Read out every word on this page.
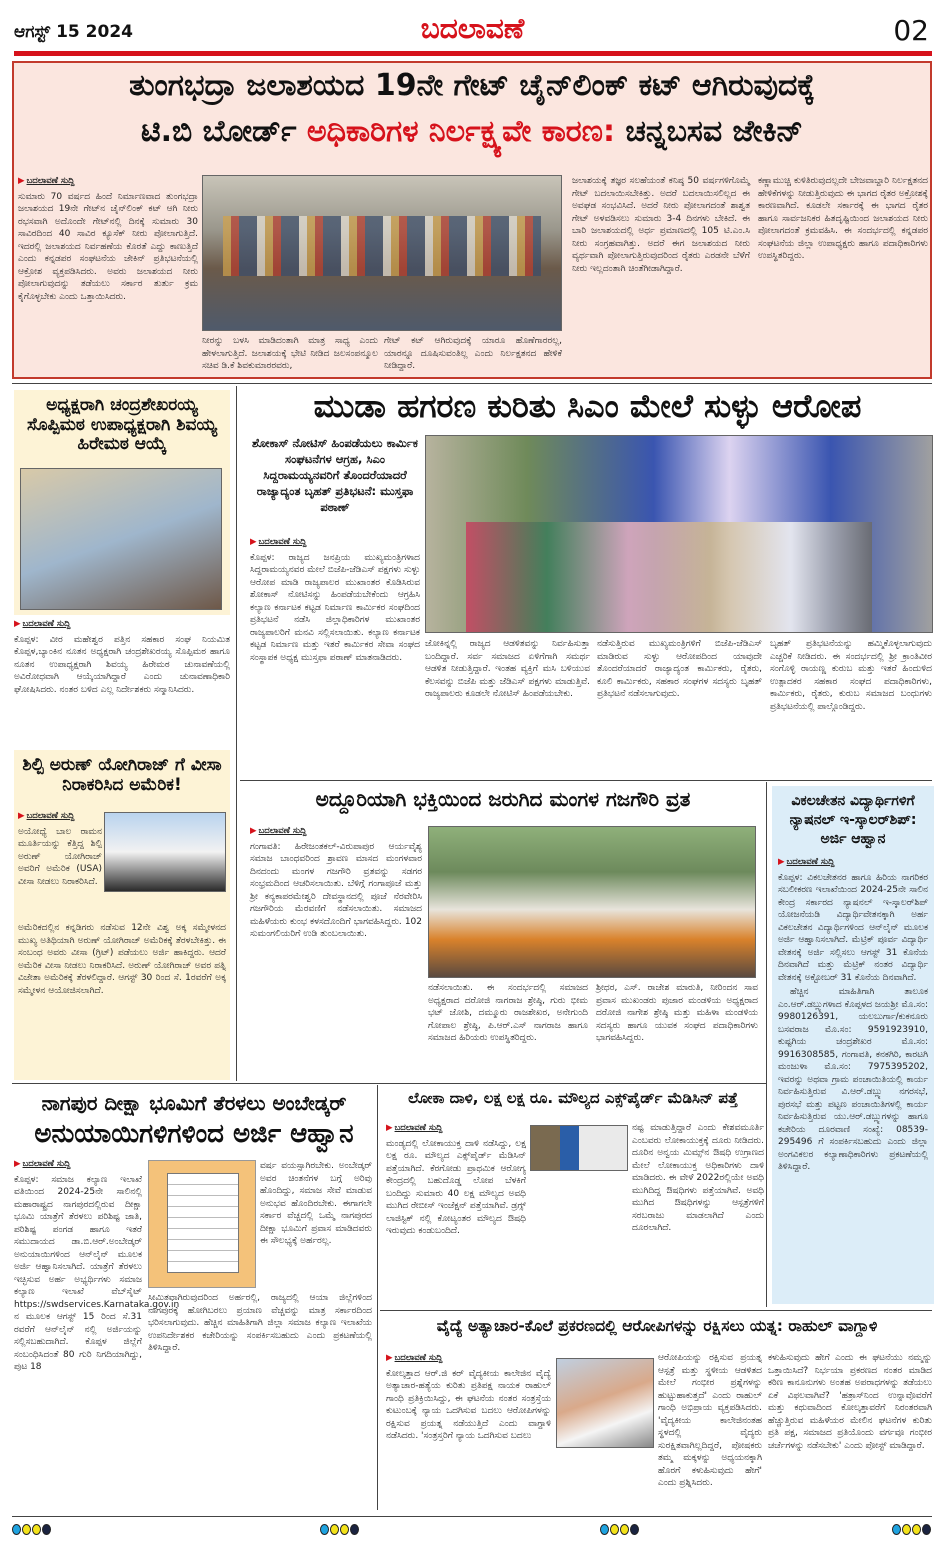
ಆಗಸ್ಟ್ 15 2024	ಬದಲಾವಣೆ	02
ತುಂಗಭದ್ರಾ ಜಲಾಶಯದ 19ನೇ ಗೇಟ್ ಚೈನ್‌ಲಿಂಕ್ ಕಟ್ ಆಗಿರುವುದಕ್ಕೆ
ಟಿ.ಬಿ ಬೋರ್ಡ್ ಅಧಿಕಾರಿಗಳ ನಿರ್ಲಕ್ಷ್ಯವೇ ಕಾರಣ: ಚನ್ನಬಸವ ಜೇಕಿನ್
▶ ಬದಲಾವಣೆ ಸುದ್ದಿ
ಸುಮಾರು 70 ವರ್ಷದ ಹಿಂದೆ ನಿರ್ಮಾಣವಾದ ತುಂಗಭದ್ರಾ ಜಲಾಶಯದ 19ನೇ ಗೇಟ್‌ನ ಚೈನ್‌ಲಿಂಕ್ ಕಟ್ ಆಗಿ ನೀರು ರಭಸವಾಗಿ ಅದೊಂದೇ ಗೇಟ್‌ನಲ್ಲಿ ದಿನಕ್ಕೆ ಸುಮಾರು 30 ಸಾವಿರದಿಂದ 40 ಸಾವಿರ ಕ್ಯೂಸೆಕ್ ನೀರು ಪೋಲಾಗುತ್ತಿದೆ. ಇದರಲ್ಲಿ ಜಲಾಶಯದ ನಿರ್ವಹಣೆಯ ಕೊರತೆ ಎದ್ದು ಕಾಣುತ್ತಿದೆ ಎಂದು ಕನ್ನಡಪರ ಸಂಘಟನೆಯ ಜೇಕಿನ್ ಪ್ರತಿಭಟನೆಯಲ್ಲಿ ಆಕ್ರೋಶ ವ್ಯಕ್ತಪಡಿಸಿದರು. ಅವರು ಜಲಾಶಯದ ನೀರು ಪೋಲಾಗುವುದನ್ನು ತಡೆಯಲು ಸರ್ಕಾರ ತುರ್ತು ಕ್ರಮ ಕೈಗೊಳ್ಳಬೇಕು ಎಂದು ಒತ್ತಾಯಿಸಿದರು.
ನೀರನ್ನು ಬಳಸಿ ಮಾಡಿದಂತಾಗಿ ಮಾತ್ರ ಸಾಧ್ಯ ಎಂದು ಹೇಳಲಾಗುತ್ತಿದೆ. ಜಲಾಶಯಕ್ಕೆ ಭೇಟಿ ನೀಡಿದ ಜಲಸಂಪನ್ಮೂಲ ಸಚಿವ ಡಿ.ಕೆ ಶಿವಕುಮಾರರವರು,
ಗೇಟ್ ಕಟ್ ಆಗಿರುವುದಕ್ಕೆ ಯಾರೂ ಹೊಣೆಗಾರರಲ್ಲ, ಯಾರನ್ನೂ ದೂಷಿಸುವಂತಿಲ್ಲ ಎಂದು ನಿರ್ಲಕ್ಷತನದ ಹೇಳಿಕೆ ನೀಡಿದ್ದಾರೆ.
ಜಲಾಶಯಕ್ಕೆ ತಜ್ಞರ ಸಲಹೆಯಂತೆ ಕನಿಷ್ಠ 50 ವರ್ಷಗಳಿಗೊಮ್ಮೆ ಗೇಟ್ ಬದಲಾಯಿಸಬೇಕಿತ್ತು. ಅದರೆ ಬದಲಾಯಿಸಲಿಲ್ಲದ ಈ ಅವಘಡ ಸಂಭವಿಸಿದೆ. ಅದರೆ ನೀರು ಪೋಲಾಗದಂತೆ ಶಾಶ್ವತ ಗೇಟ್ ಅಳವಡಿಸಲು ಸುಮಾರು 3-4 ದಿನಗಳು ಬೇಕಿದೆ. ಈ ಬಾರಿ ಜಲಾಶಯದಲ್ಲಿ ಅರ್ಧ ಪ್ರಮಾಣದಲ್ಲಿ 105 ಟಿ.ಎಂ.ಸಿ ನೀರು ಸಂಗ್ರಹವಾಗಿತ್ತು. ಅದರೆ ಈಗ ಜಲಾಶಯದ ನೀರು ವ್ಯರ್ಥವಾಗಿ ಪೋಲಾಗುತ್ತಿರುವುದರಿಂದ ರೈತರು ಎರಡನೇ ಬೆಳೆಗೆ ನೀರು ಇಲ್ಲದಂತಾಗಿ ಚಿಂತೆಗೀಡಾಗಿದ್ದಾರೆ.
ಕಣ್ಣಾಮುಚ್ಚಿ ಕುಳಿತಿರುವುದಲ್ಲದೇ ಬೇಜವಾಬ್ದಾರಿ ನಿರ್ಲಕ್ಷತನದ ಹೇಳಿಕೆಗಳನ್ನು ನೀಡುತ್ತಿರುವುದು ಈ ಭಾಗದ ರೈತರ ಅಕ್ರೋಶಕ್ಕೆ ಕಾರಣವಾಗಿದೆ. ಕೂಡಲೇ ಸರ್ಕಾರಕ್ಕೆ ಈ ಭಾಗದ ರೈತರ ಹಾಗೂ ಸಾರ್ವಜನಿಕರ ಹಿತದೃಷ್ಟಿಯಿಂದ ಜಲಾಶಯದ ನೀರು ಪೋಲಾಗದಂತೆ ಕ್ರಮವಹಿಸಿ. ಈ ಸಂದರ್ಭದಲ್ಲಿ ಕನ್ನಡಪರ ಸಂಘಟನೆಯ ಜಿಲ್ಲಾ ಉಪಾಧ್ಯಕ್ಷರು ಹಾಗೂ ಪದಾಧಿಕಾರಿಗಳು ಉಪಸ್ಥಿತರಿದ್ದರು.
ಅಧ್ಯಕ್ಷರಾಗಿ ಚಂದ್ರಶೇಖರಯ್ಯ ಸೊಪ್ಪಿಮಠ ಉಪಾಧ್ಯಕ್ಷರಾಗಿ ಶಿವಯ್ಯ ಹಿರೇಮಠ ಆಯ್ಕೆ
▶ ಬದಲಾವಣೆ ಸುದ್ದಿ
ಕೊಪ್ಪಳ: ವೀರ ಮಹೇಶ್ವರ ಪತ್ತಿನ ಸಹಕಾರ ಸಂಘ ನಿಯಮಿತ ಕೊಪ್ಪಳ,ಬ್ಯಾಂಕಿನ ನೂತನ ಅಧ್ಯಕ್ಷರಾಗಿ ಚಂದ್ರಶೇಖರಯ್ಯ ಸೊಪ್ಪಿಮಠ ಹಾಗೂ ನೂತನ ಉಪಾಧ್ಯಕ್ಷರಾಗಿ ಶಿವಯ್ಯ ಹಿರೇಮಠ ಚುನಾವಣೆಯಲ್ಲಿ ಅವಿರೋಧವಾಗಿ ಆಯ್ಕೆಯಾಗಿದ್ದಾರೆ ಎಂದು ಚುನಾವಣಾಧಿಕಾರಿ ಘೋಷಿಸಿದರು. ನಂತರ ಬಳಿದ ಎಲ್ಲ ನಿರ್ದೇಶಕರು ಸನ್ಮಾನಿಸಿದರು.
ಶಿಲ್ಪಿ ಅರುಣ್ ಯೋಗಿರಾಜ್ ಗೆ ವೀಸಾ ನಿರಾಕರಿಸಿದ ಅಮೆರಿಕ!
▶ ಬದಲಾವಣೆ ಸುದ್ದಿ
ಅಯೋಧ್ಯೆ ಬಾಲ ರಾಮನ ಮೂರ್ತಿಯನ್ನು ಕೆತ್ತಿದ್ದ ಶಿಲ್ಪಿ ಅರುಣ್ ಯೋಗಿರಾಜ್ ಅವರಿಗೆ ಅಮೆರಿಕ (USA) ವೀಸಾ ನೀಡಲು ನಿರಾಕರಿಸಿದೆ.
ಅಮೆರಿಕದಲ್ಲಿನ ಕನ್ನಡಿಗರು ನಡೆಸುವ 12ನೇ ವಿಶ್ವ ಅಕ್ಕ ಸಮ್ಮೇಳನದ ಮುಖ್ಯ ಅತಿಥಿಯಾಗಿ ಅರುಣ್ ಯೋಗಿರಾಜ್ ಅಮೆರಿಕಕ್ಕೆ ತೆರಳಬೇಕಿತ್ತು. ಈ ಸಂಬಂಧ ಅವರು ವೀಸಾ (ಗ್ರಿಟ್) ಪಡೆಯಲು ಅರ್ಜಿ ಹಾಕಿದ್ದರು. ಆದರೆ ಅಮೆರಿಕ ವೀಸಾ ನೀಡಲು ನಿರಾಕರಿಸಿದೆ. ಅರುಣ್ ಯೋಗಿರಾಜ್ ಅವರ ಪತ್ನಿ ವಿಜೇತಾ ಅಮೆರಿಕಕ್ಕೆ ತೆರಳಲಿದ್ದಾರೆ. ಆಗಸ್ಟ್ 30 ರಿಂದ ಸೆ. 1ರವರೆಗೆ ಅಕ್ಕ ಸಮ್ಮೇಳನ ಆಯೋಜಿಸಲಾಗಿದೆ.
ಮುಡಾ ಹಗರಣ ಕುರಿತು ಸಿಎಂ ಮೇಲೆ ಸುಳ್ಳು ಆರೋಪ
ಶೋಕಾಸ್ ನೋಟಿಸ್ ಹಿಂಪಡೆಯಲು ಕಾರ್ಮಿಕ ಸಂಘಟನೆಗಳ ಆಗ್ರಹ, ಸಿಎಂ ಸಿದ್ದರಾಮಯ್ಯನವರಿಗೆ ತೊಂದರೆಯಾದರೆ ರಾಜ್ಯಾದ್ಯಂತ ಬೃಹತ್ ಪ್ರತಿಭಟನೆ: ಮುಸ್ತಫಾ ಪಠಾಣ್
▶ ಬದಲಾವಣೆ ಸುದ್ದಿ
ಕೊಪ್ಪಳ: ರಾಜ್ಯದ ಜನಪ್ರಿಯ ಮುಖ್ಯಮಂತ್ರಿಗಳಾದ ಸಿದ್ದರಾಮಯ್ಯನವರ ಮೇಲೆ ಬಿಜೆಪಿ-ಜೆಡಿಎಸ್ ಪಕ್ಷಗಳು ಸುಳ್ಳು ಆರೋಪ ಮಾಡಿ ರಾಜ್ಯಪಾಲರ ಮುಖಾಂತರ ಕೊಡಿಸಿರುವ ಶೋಕಾಸ್ ನೋಟಿಸನ್ನು ಹಿಂಪಡೆಯಬೇಕೆಂದು ಆಗ್ರಹಿಸಿ ಕಲ್ಯಾಣ ಕರ್ನಾಟಕ ಕಟ್ಟಡ ನಿರ್ಮಾಣ ಕಾರ್ಮಿಕರ ಸಂಘದಿಂದ ಪ್ರತಿಭಟನೆ ನಡೆಸಿ ಜಿಲ್ಲಾಧಿಕಾರಿಗಳ ಮುಖಾಂತರ ರಾಜ್ಯಪಾಲರಿಗೆ ಮನವಿ ಸಲ್ಲಿಸಲಾಯಿತು. ಕಲ್ಯಾಣ ಕರ್ನಾಟಕ ಕಟ್ಟಡ ನಿರ್ಮಾಣ ಮತ್ತು ಇತರೆ ಕಾರ್ಮಿಕರ ಸೇವಾ ಸಂಘದ ಸಂಸ್ಥಾಪಕ ಅಧ್ಯಕ್ಷ ಮುಸ್ತಫಾ ಪಠಾಣ್ ಮಾತನಾಡಿದರು.
ಜೋಕಿನ್ನಲ್ಲಿ ರಾಜ್ಯದ ಆಡಳಿತವನ್ನು ನಿರ್ವಹಿಸುತ್ತಾ ಬಂದಿದ್ದಾರೆ. ಸರ್ವ ಸಮಾಜದ ಏಳಿಗೆಗಾಗಿ ಸಮರ್ಥ ಆಡಳಿತ ನೀಡುತ್ತಿದ್ದಾರೆ. ಇಂತಹ ವ್ಯಕ್ತಿಗೆ ಮಸಿ ಬಳಿಯುವ ಕೆಲಸವನ್ನು ಬಿಜೆಪಿ ಮತ್ತು ಜೆಡಿಎಸ್ ಪಕ್ಷಗಳು ಮಾಡುತ್ತಿವೆ. ರಾಜ್ಯಪಾಲರು ಕೂಡಲೇ ನೋಟಿಸ್ ಹಿಂಪಡೆಯಬೇಕು.
ನಡೆಸುತ್ತಿರುವ ಮುಖ್ಯಮಂತ್ರಿಗಳಿಗೆ ಬಿಜೆಪಿ-ಜೆಡಿಎಸ್ ಮಾಡಿರುವ ಸುಳ್ಳು ಆರೋಪದಿಂದ ಯಾವುದೇ ತೊಂದರೆಯಾದರೆ ರಾಜ್ಯಾದ್ಯಂತ ಕಾರ್ಮಿಕರು, ರೈತರು, ಕೂಲಿ ಕಾರ್ಮಿಕರು, ಸಹಕಾರ ಸಂಘಗಳ ಸದಸ್ಯರು ಬೃಹತ್ ಪ್ರತಿಭಟನೆ ನಡೆಸಲಾಗುವುದು.
ಬೃಹತ್ ಪ್ರತಿಭಟನೆಯನ್ನು ಹಮ್ಮಿಕೊಳ್ಳಲಾಗುವುದು ಎಚ್ಚರಿಕೆ ನೀಡಿದರು. ಈ ಸಂದರ್ಭದಲ್ಲಿ ಶ್ರೀ ಕ್ರಾಂತಿವೀರ ಸಂಗೊಳ್ಳಿ ರಾಯಣ್ಣ ಕುರುಬ ಮತ್ತು ಇತರೆ ಹಿಂದುಳಿದ ಉತ್ಪಾದಕರ ಸಹಕಾರ ಸಂಘದ ಪದಾಧಿಕಾರಿಗಳು, ಕಾರ್ಮಿಕರು, ರೈತರು, ಕುರುಬ ಸಮಾಜದ ಬಂಧುಗಳು ಪ್ರತಿಭಟನೆಯಲ್ಲಿ ಪಾಲ್ಗೊಂಡಿದ್ದರು.
ಅದ್ದೂರಿಯಾಗಿ ಭಕ್ತಿಯಿಂದ ಜರುಗಿದ ಮಂಗಳ ಗಜಗೌರಿ ವ್ರತ
▶ ಬದಲಾವಣೆ ಸುದ್ದಿ
ಗಂಗಾವತಿ: ಹಿರೇಜಂತಕಲ್-ವಿರುಪಾಪುರ ಆರ್ಯವೈಶ್ಯ ಸಮಾಜ ಬಾಂಧವರಿಂದ ಶ್ರಾವಣ ಮಾಸದ ಮಂಗಳವಾರ ದಿನದಂದು ಮಂಗಳ ಗಜಗೌರಿ ವ್ರತವನ್ನು ಸಡಗರ ಸಂಭ್ರಮದಿಂದ ಆಚರಿಸಲಾಯಿತು. ಬೆಳಿಗ್ಗೆ ಗಂಗಾಪೂಜೆ ಮತ್ತು ಶ್ರೀ ಕನ್ಯಕಾಪರಮೇಶ್ವರಿ ದೇವಸ್ಥಾನದಲ್ಲಿ ಪೂಜೆ ನೆರವೇರಿಸಿ ಗಜಗೌರಿಯ ಮೆರವಣಿಗೆ ನಡೆಸಲಾಯಿತು. ಸಮಾಜದ ಮಹಿಳೆಯರು ಕುಂಭ ಕಳಸದೊಂದಿಗೆ ಭಾಗವಹಿಸಿದ್ದರು. 102 ಸುಮಂಗಲಿಯರಿಗೆ ಉಡಿ ತುಂಬಲಾಯಿತು.
ನಡೆಸಲಾಯಿತು. ಈ ಸಂದರ್ಭದಲ್ಲಿ ಸಮಾಜದ ಅಧ್ಯಕ್ಷರಾದ ದರೋಜಿ ನಾಗರಾಜ ಶ್ರೇಷ್ಠಿ, ಗುರು ಭೀಮ ಭಟ್ ಜೋಶಿ, ದಮ್ಮೂರು ರಾಜಶೇಖರ, ಅನೇಗುಂದಿ ಗೋಪಾಲ ಶ್ರೇಷ್ಠಿ, ಪಿ.ಆರ್.ಎಸ್ ನಾಗರಾಜ ಹಾಗೂ ಸಮಾಜದ ಹಿರಿಯರು ಉಪಸ್ಥಿತರಿದ್ದರು.
ಶ್ರೀಧರ, ಎಸ್. ರಾಜೇಶ ಮಾರುತಿ, ನೀರಿಂದನ ಸಾವ ಪ್ರವಾಸ ಮುಖಂಡರು ಪುಜಾರ ಮಂಡಳಿಯ ಅಧ್ಯಕ್ಷರಾದ ದರೋಜಿ ನಾಗೇಶ ಶ್ರೇಷ್ಠಿ ಮತ್ತು ಮಹಿಳಾ ಮಂಡಳಿಯ ಸದಸ್ಯರು ಹಾಗೂ ಯುವಕ ಸಂಘದ ಪದಾಧಿಕಾರಿಗಳು ಭಾಗವಹಿಸಿದ್ದರು.
ವಿಕಲಚೇತನ ವಿದ್ಯಾರ್ಥಿಗಳಿಗೆ ನ್ಯಾಷನಲ್ ಇ-ಸ್ಕಾಲರ್‌ಶಿಪ್: ಅರ್ಜಿ ಆಹ್ವಾನ
▶ ಬದಲಾವಣೆ ಸುದ್ದಿ
ಕೊಪ್ಪಳ: ವಿಕಲಚೇತನರ ಹಾಗೂ ಹಿರಿಯ ನಾಗರಿಕರ ಸಬಲೀಕರಣ ಇಲಾಖೆಯಿಂದ 2024-25ನೇ ಸಾಲಿನ ಕೇಂದ್ರ ಸರ್ಕಾರದ ನ್ಯಾಷನಲ್ ಇ-ಸ್ಕಾಲರ್‌ಶಿಪ್ ಯೋಜನೆಯಡಿ ವಿದ್ಯಾರ್ಥಿವೇತನಕ್ಕಾಗಿ ಅರ್ಹ ವಿಕಲಚೇತನ ವಿದ್ಯಾರ್ಥಿಗಳಿಂದ ಆನ್‌ಲೈನ್ ಮೂಲಕ ಅರ್ಜಿ ಆಹ್ವಾನಿಸಲಾಗಿದೆ. ಮೆಟ್ರಿಕ್ ಪೂರ್ವ ವಿದ್ಯಾರ್ಥಿ ವೇತನಕ್ಕೆ ಅರ್ಜಿ ಸಲ್ಲಿಸಲು ಆಗಸ್ಟ್ 31 ಕೊನೆಯ ದಿನವಾಗಿದೆ ಮತ್ತು ಮೆಟ್ರಿಕ್ ನಂತರ ವಿದ್ಯಾರ್ಥಿ ವೇತನಕ್ಕೆ ಅಕ್ಟೋಬರ್ 31 ಕೊನೆಯ ದಿನವಾಗಿದೆ.
ಹೆಚ್ಚಿನ ಮಾಹಿತಿಗಾಗಿ ತಾಲೂಕ ಎಂ.ಆರ್.ಡಬ್ಲ್ಯುಗಳಾದ ಕೊಪ್ಪಳದ ಜಯಶ್ರೀ ಮೊ.ಸಂ: 9980126391, ಯಲಬುರ್ಗಾ/ಕುಕನೂರು ಬಸವರಾಜ ಮೊ.ಸಂ: 9591923910, ಕುಷ್ಟಗಿಯ ಚಂದ್ರಶೇಖರ ಮೊ.ಸಂ: 9916308585, ಗಂಗಾವತಿ, ಕನಕಗಿರಿ, ಕಾರಟಗಿ ಮಂಜುಳಾ ಮೊ.ಸಂ: 7975395202, ಇವರನ್ನು ಅಥವಾ ಗ್ರಾಮ ಪಂಚಾಯಿತಿಯಲ್ಲಿ ಕಾರ್ಯ ನಿರ್ವಹಿಸುತ್ತಿರುವ ವಿ.ಆರ್.ಡಬ್ಲ್ಯು ನಗರಸಭೆ, ಪುರಸಭೆ ಮತ್ತು ಪಟ್ಟಣ ಪಂಚಾಯಿತಿಗಳಲ್ಲಿ ಕಾರ್ಯ ನಿರ್ವಹಿಸುತ್ತಿರುವ ಯು.ಆರ್.ಡಬ್ಲ್ಯುಗಳನ್ನು ಹಾಗೂ ಕಚೇರಿಯ ದೂರವಾಣಿ ಸಂಖ್ಯೆ: 08539-295496 ಗೆ ಸಂಪರ್ಕಿಸಬಹುದು ಎಂದು ಜಿಲ್ಲಾ ಅಂಗವಿಕಲರ ಕಲ್ಯಾಣಾಧಿಕಾರಿಗಳು ಪ್ರಕಟಣೆಯಲ್ಲಿ ತಿಳಿಸಿದ್ದಾರೆ.
ನಾಗಪುರ ದೀಕ್ಷಾ ಭೂಮಿಗೆ ತೆರಳಲು ಅಂಬೇಡ್ಕರ್
ಅನುಯಾಯಿಗಳಿಗಳಿಂದ ಅರ್ಜಿ ಆಹ್ವಾನ
▶ ಬದಲಾವಣೆ ಸುದ್ದಿ
ಕೊಪ್ಪಳ: ಸಮಾಜ ಕಲ್ಯಾಣ ಇಲಾಖೆ ವತಿಯಿಂದ 2024-25ನೇ ಸಾಲಿನಲ್ಲಿ ಮಹಾರಾಷ್ಟ್ರದ ನಾಗಪುರದಲ್ಲಿರುವ ದೀಕ್ಷಾ ಭೂಮಿ ಯಾತ್ರೆಗೆ ತೆರಳಲು ಪರಿಶಿಷ್ಟ ಜಾತಿ, ಪರಿಶಿಷ್ಟ ಪಂಗಡ ಹಾಗೂ ಇತರೆ ಸಮುದಾಯದ ಡಾ.ಬಿ.ಆರ್.ಅಂಬೇಡ್ಕರ್ ಅನುಯಾಯಿಗಳಿಂದ ಆನ್‌ಲೈನ್ ಮೂಲಕ ಅರ್ಜಿ ಆಹ್ವಾನಿಸಲಾಗಿದೆ. ಯಾತ್ರೆಗೆ ತೆರಳಲು ಇಚ್ಛಿಸುವ ಅರ್ಹ ಅಭ್ಯರ್ಥಿಗಳು ಸಮಾಜ ಕಲ್ಯಾಣ ಇಲಾಖೆ ವೆಬ್‌ಸೈಟ್ https://swdservices.Karnataka.gov.in ನ ಮೂಲಕ ಆಗಸ್ಟ್ 15 ರಿಂದ ಸೆ.31 ರವರೆಗೆ ಆನ್‌ಲೈನ್ ನಲ್ಲಿ ಅರ್ಜಿಯನ್ನು ಸಲ್ಲಿಸಬಹುದಾಗಿದೆ. ಕೊಪ್ಪಳ ಜಿಲ್ಲೆಗೆ ಸಂಬಂಧಿಸಿದಂತೆ 80 ಗುರಿ ನಿಗದಿಯಾಗಿದ್ದು, ಪುಟ 18
ವರ್ಷ ವಯಸ್ಸಾಗಿರಬೇಕು. ಅಂಬೇಡ್ಕರ್ ಅವರ ಚಿಂತನೆಗಳ ಬಗ್ಗೆ ಅರಿವು ಹೊಂದಿದ್ದು, ಸಮಾಜ ಸೇವೆ ಮಾಡುವ ಅನುಭವ ಹೊಂದಿರಬೇಕು. ಈಗಾಗಲೇ ಸರ್ಕಾರ ವೆಚ್ಚದಲ್ಲಿ ಒಮ್ಮೆ ನಾಗಪುರದ ದೀಕ್ಷಾ ಭೂಮಿಗೆ ಪ್ರವಾಸ ಮಾಡಿದವರು ಈ ಸೌಲಭ್ಯಕ್ಕೆ ಅರ್ಹರಲ್ಲ.
ಸೀಮಿತವಾಗಿರುವುದರಿಂದ ಅರ್ಹರಲ್ಲಿ, ರಾಜ್ಯದಲ್ಲಿ ಆಯಾ ಜಿಲ್ಲೆಗಳಿಂದ ನಾಗಪುರಕ್ಕೆ ಹೋಗಿಬರಲು ಪ್ರಯಾಣ ವೆಚ್ಚವನ್ನು ಮಾತ್ರ ಸರ್ಕಾರದಿಂದ ಭರಿಸಲಾಗುವುದು. ಹೆಚ್ಚಿನ ಮಾಹಿತಿಗಾಗಿ ಜಿಲ್ಲಾ ಸಮಾಜ ಕಲ್ಯಾಣ ಇಲಾಖೆಯ ಉಪನಿರ್ದೇಶಕರ ಕಚೇರಿಯನ್ನು ಸಂಪರ್ಕಿಸಬಹುದು ಎಂದು ಪ್ರಕಟಣೆಯಲ್ಲಿ ತಿಳಿಸಿದ್ದಾರೆ.
ಲೋಕಾ ದಾಳಿ, ಲಕ್ಷ ಲಕ್ಷ ರೂ. ಮೌಲ್ಯದ ಎಕ್ಸ್‌ಪೈರ್ಡ್ ಮೆಡಿಸಿನ್ ಪತ್ತೆ
▶ ಬದಲಾವಣೆ ಸುದ್ದಿ
ಮಂಡ್ಯದಲ್ಲಿ ಲೋಕಾಯುಕ್ತ ದಾಳಿ ನಡೆಸಿದ್ದು, ಲಕ್ಷ ಲಕ್ಷ ರೂ. ಮೌಲ್ಯದ ಎಕ್ಸ್‌ಪೈರ್ಡ್ ಮೆಡಿಸಿನ್ ಪತ್ತೆಯಾಗಿದೆ. ಕೆರಗೋಡು ಪ್ರಾಥಮಿಕ ಆರೋಗ್ಯ ಕೇಂದ್ರದಲ್ಲಿ ಬಹುದೊಡ್ಡ ಲೋಪ ಬೆಳಕಿಗೆ ಬಂದಿದ್ದು ಸುಮಾರು 40 ಲಕ್ಷ ಮೌಲ್ಯದ ಅವಧಿ ಮುಗಿದ ರೇಬೀಸ್ ಇಂಜೆಕ್ಷನ್ ಪತ್ತೆಯಾಗಿವೆ. ಡ್ರಗ್ಸ್ ಲಾಜಿಸ್ಟಿಕ್ ನಲ್ಲಿ ಕೋಟ್ಯಂತರ ಮೌಲ್ಯದ ಔಷಧಿ ಇರುವುದು ಕಂಡುಬಂದಿದೆ.
ನಷ್ಟ ಮಾಡುತ್ತಿದ್ದಾರೆ ಎಂದು ಕೇಶವಮೂರ್ತಿ ಎಂಬವರು ಲೋಕಾಯುಕ್ತಕ್ಕೆ ದೂರು ನೀಡಿದರು. ದೂರಿನ ಅನ್ವಯ ಮಿಮ್ಸ್‌ನ ಔಷಧಿ ಉಗ್ರಾಣದ ಮೇಲೆ ಲೋಕಾಯುಕ್ತ ಅಧಿಕಾರಿಗಳು ದಾಳಿ ಮಾಡಿದರು. ಈ ವೇಳೆ 2022ರಲ್ಲಿಯೇ ಅವಧಿ ಮುಗಿದಿದ್ದ ಔಷಧಿಗಳು ಪತ್ತೆಯಾಗಿವೆ. ಅವಧಿ ಮುಗಿದ ಔಷಧಿಗಳನ್ನು ಆಸ್ಪತ್ರೆಗಳಿಗೆ ಸರಬರಾಜು ಮಾಡಲಾಗಿದೆ ಎಂದು ದೂರಲಾಗಿದೆ.
ವೈದ್ಯೆ ಅತ್ಯಾಚಾರ-ಕೊಲೆ ಪ್ರಕರಣದಲ್ಲಿ ಆರೋಪಿಗಳನ್ನು ರಕ್ಷಿಸಲು ಯತ್ನ: ರಾಹುಲ್ ವಾಗ್ದಾಳಿ
▶ ಬದಲಾವಣೆ ಸುದ್ದಿ
ಕೋಲ್ಕತ್ತಾದ ಆರ್.ಜಿ ಕರ್ ವೈದ್ಯಕೀಯ ಕಾಲೇಜಿನ ವೈದ್ಯೆ ಅತ್ಯಾಚಾರ-ಹತ್ಯೆಯ ಕುರಿತು ಪ್ರತಿಪಕ್ಷ ನಾಯಕ ರಾಹುಲ್ ಗಾಂಧಿ ಪ್ರತಿಕ್ರಿಯಿಸಿದ್ದು, ಈ ಘಟನೆಯ ನಂತರ ಸಂತ್ರಸ್ತೆಯ ಕುಟುಂಬಕ್ಕೆ ನ್ಯಾಯ ಒದಗಿಸುವ ಬದಲು ಆರೋಪಿಗಳನ್ನು ರಕ್ಷಿಸುವ ಪ್ರಯತ್ನ ನಡೆಯುತ್ತಿದೆ ಎಂದು ವಾಗ್ದಾಳಿ ನಡೆಸಿದರು. 'ಸಂತ್ರಸ್ತರಿಗೆ ನ್ಯಾಯ ಒದಗಿಸುವ ಬದಲು
ಆರೋಪಿಯನ್ನು ರಕ್ಷಿಸುವ ಪ್ರಯತ್ನ ಆಸ್ಪತ್ರೆ ಮತ್ತು ಸ್ಥಳೀಯ ಆಡಳಿತದ ಮೇಲೆ ಗಂಭೀರ ಪ್ರಶ್ನೆಗಳನ್ನು ಹುಟ್ಟುಹಾಕುತ್ತದೆ' ಎಂದು ರಾಹುಲ್ ಗಾಂಧಿ ಅಭಿಪ್ರಾಯ ವ್ಯಕ್ತಪಡಿಸಿದರು. 'ವೈದ್ಯಕೀಯ ಕಾಲೇಜಿನಂತಹ ಸ್ಥಳದಲ್ಲಿ ವೈದ್ಯರು ಸುರಕ್ಷಿತವಾಗಿಲ್ಲದಿದ್ದರೆ, ಪೋಷಕರು ತಮ್ಮ ಮಕ್ಕಳನ್ನು ಅಧ್ಯಯನಕ್ಕಾಗಿ ಹೊರಗೆ ಕಳುಹಿಸುವುದು ಹೇಗೆ' ಎಂದು ಪ್ರಶ್ನಿಸಿದರು.
ಕಳುಹಿಸುವುದು ಹೇಗೆ ಎಂದು ಈ ಘಟನೆಯು ನಮ್ಮನ್ನು ಒತ್ತಾಯಿಸಿದೆ? ನಿರ್ಭಯಾ ಪ್ರಕರಣದ ನಂತರ ಮಾಡಿದ ಕಠಿಣ ಕಾನೂನುಗಳು ಅಂತಹ ಅಪರಾಧಗಳನ್ನು ತಡೆಯಲು ಏಕೆ ವಿಫಲವಾಗಿವೆ? 'ಹತ್ರಾಸ್‌ನಿಂದ ಉನ್ನಾವೊವರೆಗೆ ಮತ್ತು ಕಥುವಾದಿಂದ ಕೋಲ್ಕತ್ತಾವರೆಗೆ ನಿರಂತರವಾಗಿ ಹೆಚ್ಚುತ್ತಿರುವ ಮಹಿಳೆಯರ ಮೇಲಿನ ಘಟನೆಗಳ ಕುರಿತು ಪ್ರತಿ ಪಕ್ಷ, ಸಮಾಜದ ಪ್ರತಿಯೊಂದು ವರ್ಗವೂ ಗಂಭೀರ ಚರ್ಚೆಗಳನ್ನು ನಡೆಸಬೇಕು' ಎಂದು ಪೋಸ್ಟ್ ಮಾಡಿದ್ದಾರೆ.
